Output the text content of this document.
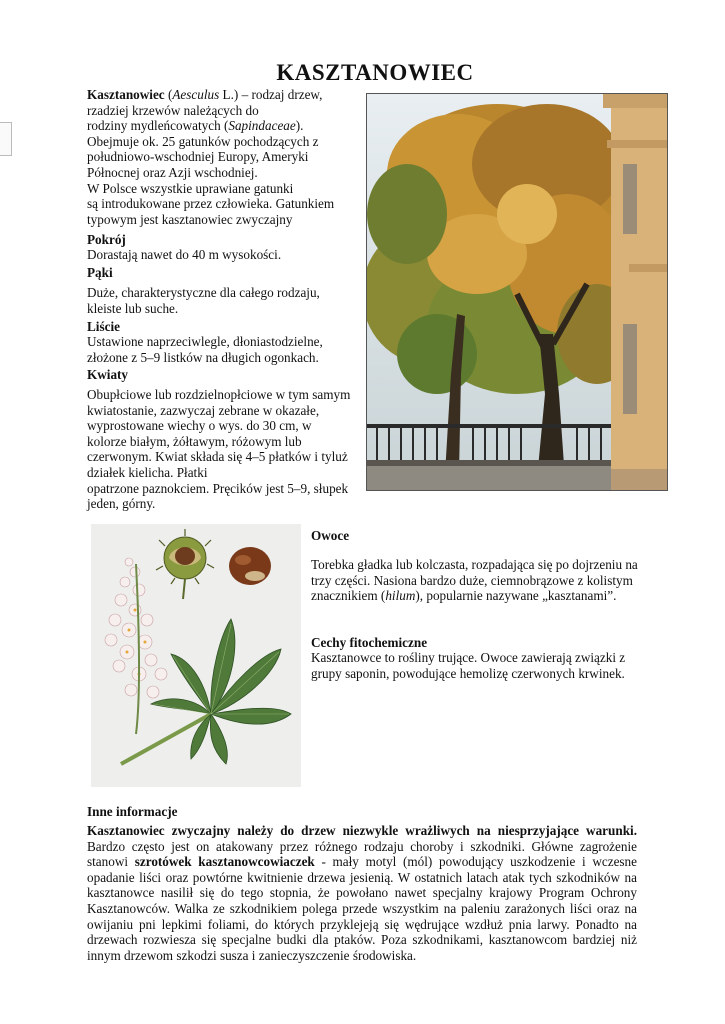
KASZTANOWIEC
Kasztanowiec (Aesculus L.) – rodzaj drzew,
rzadziej krzewów należących do
rodziny mydleńcowatych (Sapindaceae).
Obejmuje ok. 25 gatunków pochodzących z
południowo-wschodniej Europy, Ameryki
Północnej oraz Azji wschodniej.
W Polsce wszystkie uprawiane gatunki
są introdukowane przez człowieka. Gatunkiem
typowym jest kasztanowiec zwyczajny
Pokrój
Dorastają nawet do 40 m wysokości.
Pąki
Duże, charakterystyczne dla całego rodzaju,
kleiste lub suche.
Liście
Ustawione naprzeciwlegle, dłoniastodzielne,
złożone z 5–9 listków na długich ogonkach.
Kwiaty
Obupłciowe lub rozdzielnopłciowe w tym samym
kwiatostanie, zazwyczaj zebrane w okazałe,
wyprostowane wiechy o wys. do 30 cm, w
kolorze białym, żółtawym, różowym lub
czerwonym. Kwiat składa się 4–5 płatków i tyluż
działek kielicha. Płatki
opatrzone paznokciem. Pręcików jest 5–9, słupek
jeden, górny.
Owoce
Torebka gładka lub kolczasta, rozpadająca się po dojrzeniu na
trzy części. Nasiona bardzo duże, ciemnobrązowe z kolistym
znacznikiem (hilum), popularnie nazywane „kasztanami”.
Cechy fitochemiczne
Kasztanowce to rośliny trujące. Owoce zawierają związki z
grupy saponin, powodujące hemolizę czerwonych krwinek.
Inne informacje
Kasztanowiec zwyczajny należy do drzew niezwykle wrażliwych na niesprzyjające warunki. Bardzo często jest on atakowany przez różnego rodzaju choroby i szkodniki. Główne zagrożenie stanowi szrotówek kasztanowcowiaczek - mały motyl (mól) powodujący uszkodzenie i wczesne opadanie liści oraz powtórne kwitnienie drzewa jesienią. W ostatnich latach atak tych szkodników na kasztanowce nasilił się do tego stopnia, że powołano nawet specjalny krajowy Program Ochrony Kasztanowców. Walka ze szkodnikiem polega przede wszystkim na paleniu zarażonych liści oraz na owijaniu pni lepkimi foliami, do których przyklejeją się wędrujące wzdłuż pnia larwy. Ponadto na drzewach rozwiesza się specjalne budki dla ptaków. Poza szkodnikami, kasztanowcom bardziej niż innym drzewom szkodzi susza i zanieczyszczenie środowiska.
